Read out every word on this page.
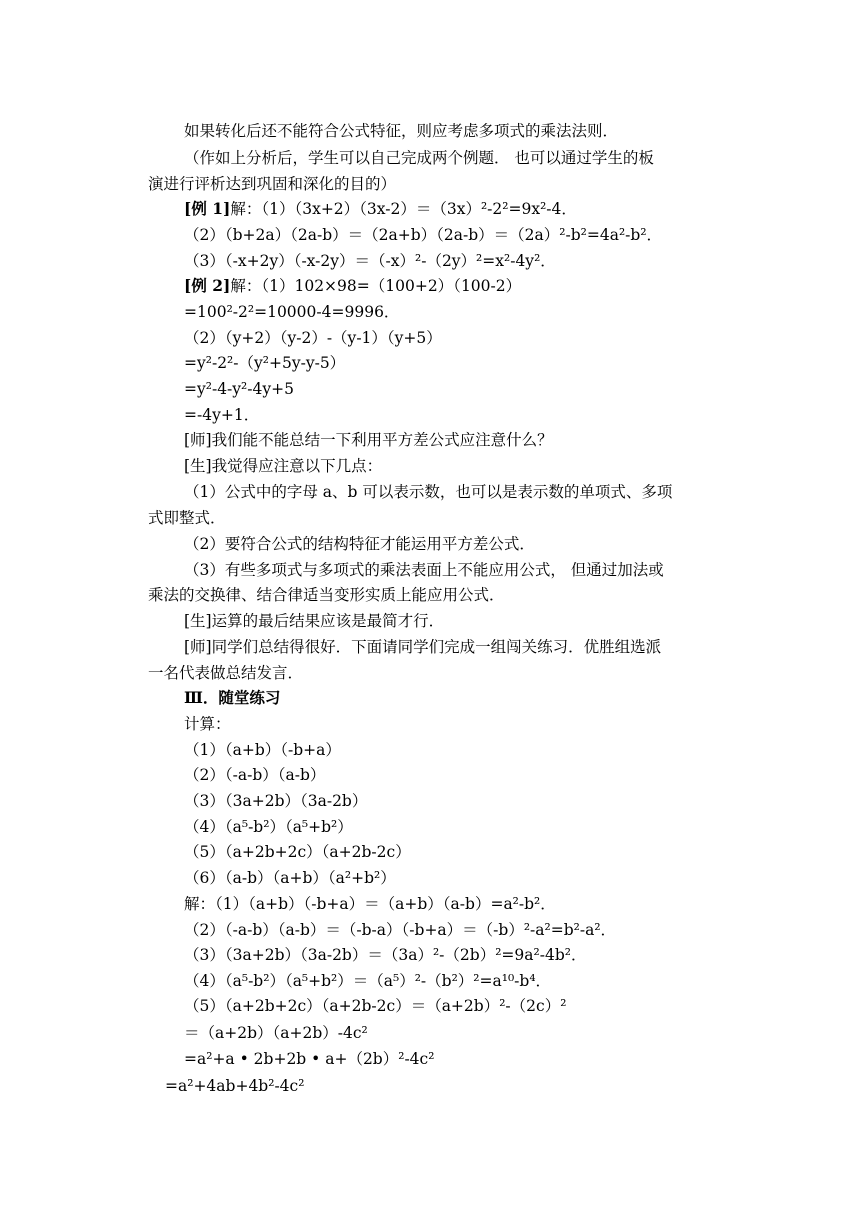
如果转化后还不能符合公式特征，则应考虑多项式的乘法法则．
（作如上分析后，学生可以自己完成两个例题． 也可以通过学生的板
演进行评析达到巩固和深化的目的）
[例 1]解：（1）（3x+2）（3x-2）＝（3x）²-2²=9x²-4．
（2）（b+2a）（2a-b）＝（2a+b）（2a-b）＝（2a）²-b²=4a²-b²．
（3）（-x+2y）（-x-2y）＝（-x）²-（2y）²=x²-4y²．
[例 2]解：（1）102×98=（100+2）（100-2）
=100²-2²=10000-4=9996．
（2）（y+2）（y-2）-（y-1）（y+5）
=y²-2²-（y²+5y-y-5）
=y²-4-y²-4y+5
=-4y+1．
[师]我们能不能总结一下利用平方差公式应注意什么？
[生]我觉得应注意以下几点：
（1）公式中的字母 a、b 可以表示数，也可以是表示数的单项式、多项
式即整式．
（2）要符合公式的结构特征才能运用平方差公式．
（3）有些多项式与多项式的乘法表面上不能应用公式， 但通过加法或
乘法的交换律、结合律适当变形实质上能应用公式．
[生]运算的最后结果应该是最简才行．
[师]同学们总结得很好．下面请同学们完成一组闯关练习．优胜组选派
一名代表做总结发言．
Ⅲ．随堂练习
计算：
（1）（a+b）（-b+a）
（2）（-a-b）（a-b）
（3）（3a+2b）（3a-2b）
（4）（a⁵-b²）（a⁵+b²）
（5）（a+2b+2c）（a+2b-2c）
（6）（a-b）（a+b）（a²+b²）
解：（1）（a+b）（-b+a）＝（a+b）（a-b）=a²-b²．
（2）（-a-b）（a-b）＝（-b-a）（-b+a）＝（-b）²-a²=b²-a²．
（3）（3a+2b）（3a-2b）＝（3a）²-（2b）²=9a²-4b²．
（4）（a⁵-b²）（a⁵+b²）＝（a⁵）²-（b²）²=a¹⁰-b⁴．
（5）（a+2b+2c）（a+2b-2c）＝（a+2b）²-（2c）²
＝（a+2b）（a+2b）-4c²
=a²+a • 2b+2b • a+（2b）²-4c²
=a²+4ab+4b²-4c²
